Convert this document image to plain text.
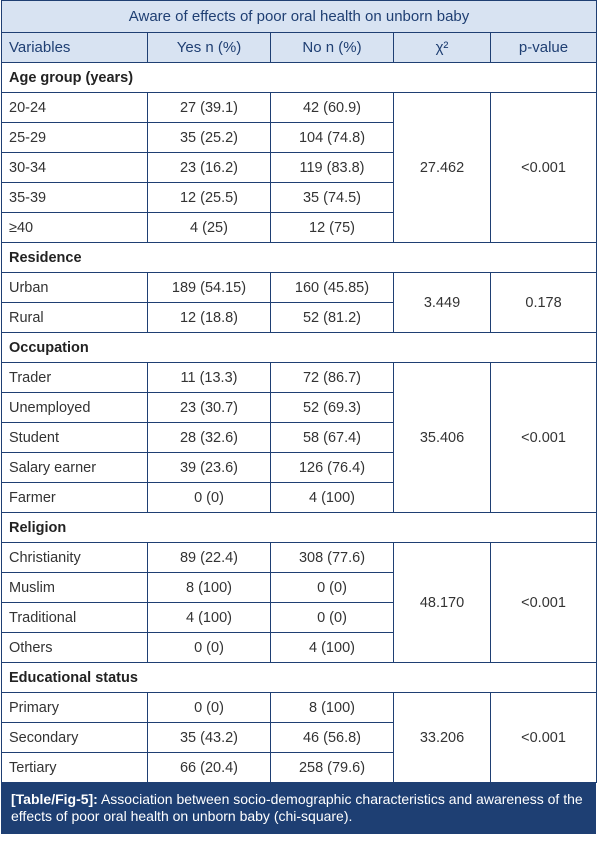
Aware of effects of poor oral health on unborn baby				
Variables	Yes n (%)	No n (%)	χ²	p-value
Age group (years)				
20-24	27 (39.1)	42 (60.9)	27.462	<0.001
25-29	35 (25.2)	104 (74.8)		
30-34	23 (16.2)	119 (83.8)		
35-39	12 (25.5)	35 (74.5)		
≥40	4 (25)	12 (75)		
Residence				
Urban	189 (54.15)	160 (45.85)	3.449	0.178
Rural	12 (18.8)	52 (81.2)		
Occupation				
Trader	11 (13.3)	72 (86.7)	35.406	<0.001
Unemployed	23 (30.7)	52 (69.3)		
Student	28 (32.6)	58 (67.4)		
Salary earner	39 (23.6)	126 (76.4)		
Farmer	0 (0)	4 (100)		
Religion				
Christianity	89 (22.4)	308 (77.6)	48.170	<0.001
Muslim	8 (100)	0 (0)		
Traditional	4 (100)	0 (0)		
Others	0 (0)	4 (100)		
Educational status				
Primary	0 (0)	8 (100)	33.206	<0.001
Secondary	35 (43.2)	46 (56.8)		
Tertiary	66 (20.4)	258 (79.6)		
[Table/Fig-5]: Association between socio-demographic characteristics and awareness of the effects of poor oral health on unborn baby (chi-square).
